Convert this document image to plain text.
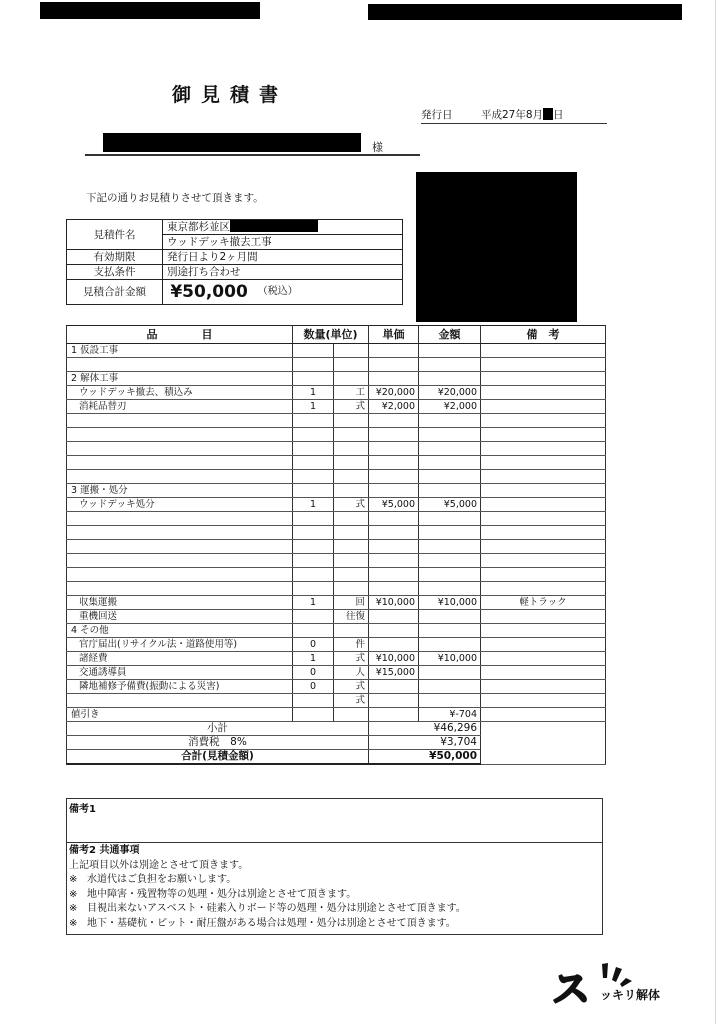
御見積書
発行日	平成27年8月 日
様
下記の通りお見積りさせて頂きます。
見積件名	東京都杉並区
	ウッドデッキ撤去工事
有効期限	発行日より2ヶ月間
支払条件	別途打ち合わせ
見積合計金額	¥50,000 （税込）
品　　　　目	数量(単位)		単価	金額	備　考
1 仮設工事					

2 解体工事					
ウッドデッキ撤去、積込み	1	工	¥20,000	¥20,000	
消耗品替刃	1	式	¥2,000	¥2,000	

3 運搬・処分					
ウッドデッキ処分	1	式	¥5,000	¥5,000	

収集運搬	1	回	¥10,000	¥10,000	軽トラック
重機回送		往復			
4 その他					
官庁届出(リサイクル法・道路使用等)	0	件			
諸経費	1	式	¥10,000	¥10,000	
交通誘導員	0	人	¥15,000		
隣地補修予備費(振動による災害)	0	式			
		式			
値引き				¥-704	
小計			¥46,296		
消費税　8%			¥3,704		
合計(見積金額)			¥50,000		
備考1
備考2 共通事項
上記項目以外は別途とさせて頂きます。
※ 水道代はご負担をお願いします。
※ 地中障害・残置物等の処理・処分は別途とさせて頂きます。
※ 目視出来ないアスベスト・硅素入りボード等の処理・処分は別途とさせて頂きます。
※ 地下・基礎杭・ピット・耐圧盤がある場合は処理・処分は別途とさせて頂きます。
ス ッキリ解体
